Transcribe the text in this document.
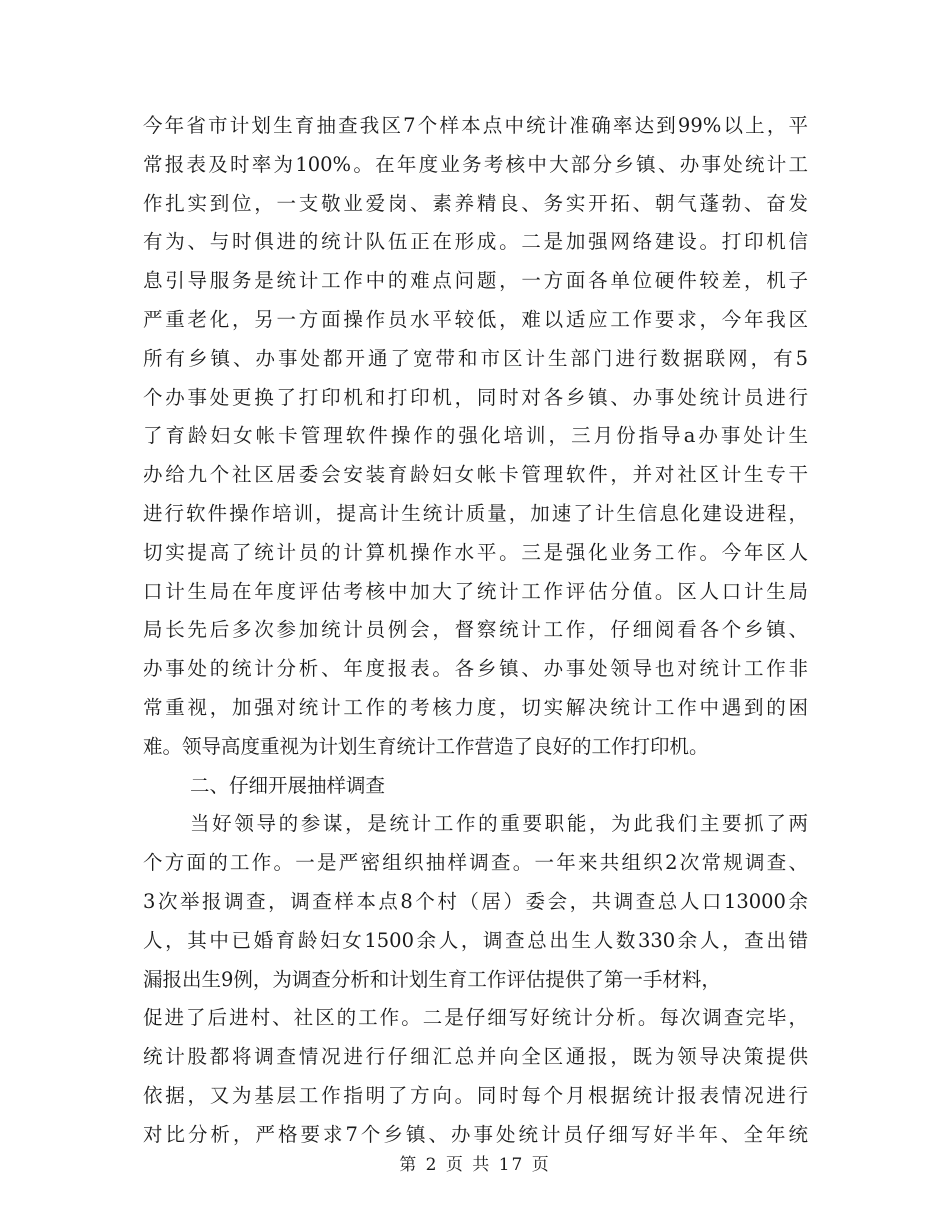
今年省市计划生育抽查我区7个样本点中统计准确率达到99%以上，平
常报表及时率为100%。在年度业务考核中大部分乡镇、办事处统计工
作扎实到位，一支敬业爱岗、素养精良、务实开拓、朝气蓬勃、奋发
有为、与时俱进的统计队伍正在形成。二是加强网络建设。打印机信
息引导服务是统计工作中的难点问题，一方面各单位硬件较差，机子
严重老化，另一方面操作员水平较低，难以适应工作要求，今年我区
所有乡镇、办事处都开通了宽带和市区计生部门进行数据联网，有5
个办事处更换了打印机和打印机，同时对各乡镇、办事处统计员进行
了育龄妇女帐卡管理软件操作的强化培训，三月份指导a办事处计生
办给九个社区居委会安装育龄妇女帐卡管理软件，并对社区计生专干
进行软件操作培训，提高计生统计质量，加速了计生信息化建设进程，
切实提高了统计员的计算机操作水平。三是强化业务工作。今年区人
口计生局在年度评估考核中加大了统计工作评估分值。区人口计生局
局长先后多次参加统计员例会，督察统计工作，仔细阅看各个乡镇、
办事处的统计分析、年度报表。各乡镇、办事处领导也对统计工作非
常重视，加强对统计工作的考核力度，切实解决统计工作中遇到的困
难。领导高度重视为计划生育统计工作营造了良好的工作打印机。
二、仔细开展抽样调查
当好领导的参谋，是统计工作的重要职能，为此我们主要抓了两
个方面的工作。一是严密组织抽样调查。一年来共组织2次常规调查、
3次举报调查，调查样本点8个村（居）委会，共调查总人口13000余
人，其中已婚育龄妇女1500余人，调查总出生人数330余人，查出错
漏报出生9例，为调查分析和计划生育工作评估提供了第一手材料，
促进了后进村、社区的工作。二是仔细写好统计分析。每次调查完毕，
统计股都将调查情况进行仔细汇总并向全区通报，既为领导决策提供
依据，又为基层工作指明了方向。同时每个月根据统计报表情况进行
对比分析，严格要求7个乡镇、办事处统计员仔细写好半年、全年统
第 2 页 共 17 页
